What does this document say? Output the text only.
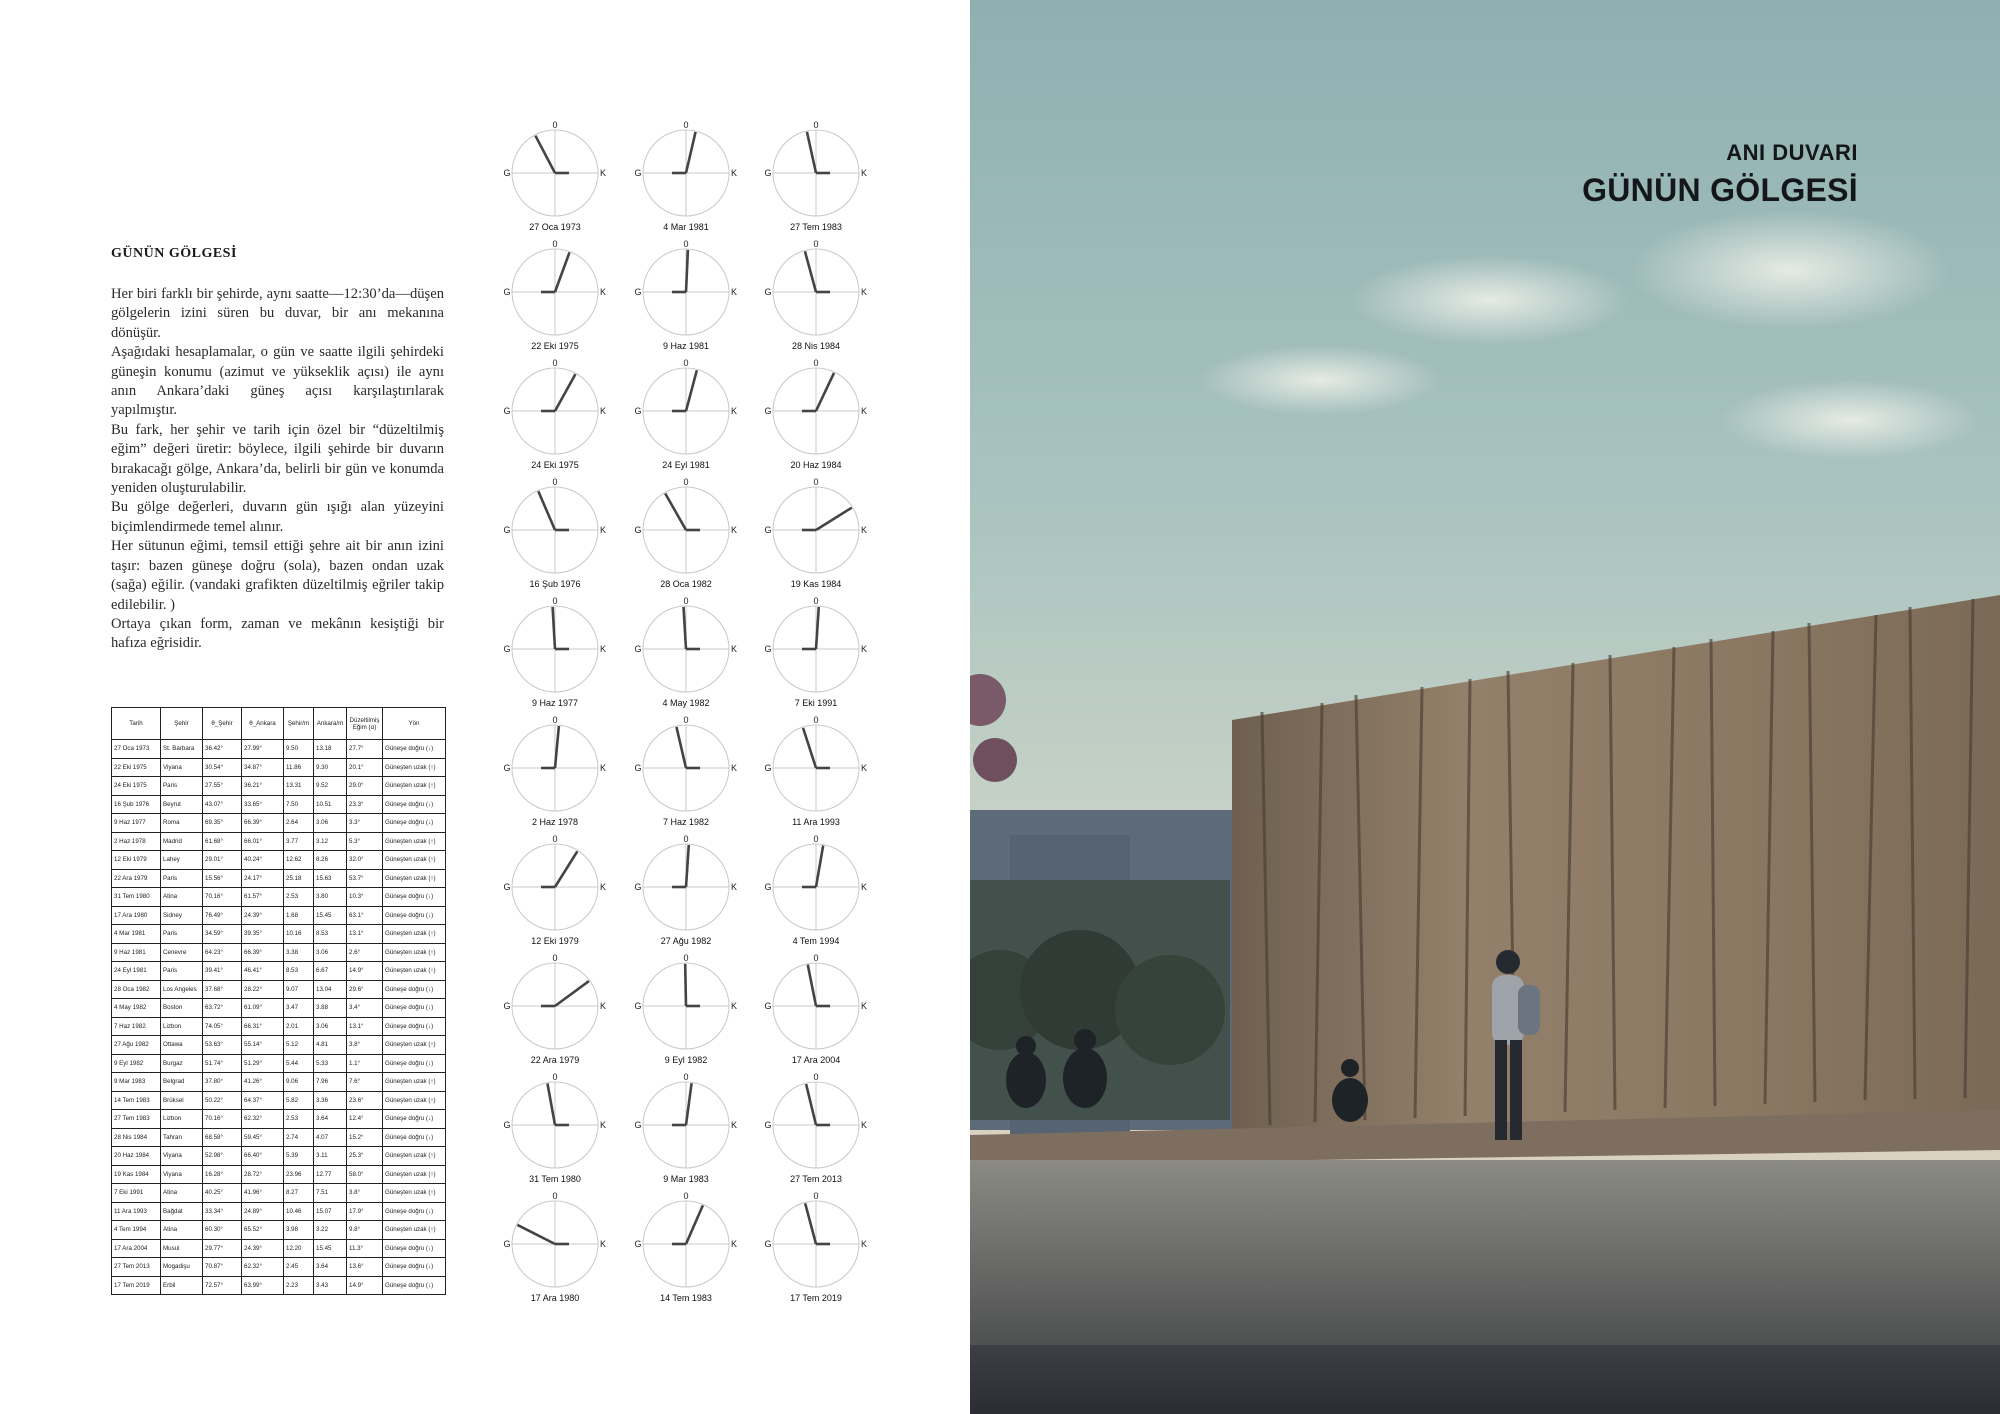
GÜNÜN GÖLGESİ

Her biri farklı bir şehirde, aynı saatte—12:30’da—düşen gölgelerin izini süren bu duvar, bir anı mekanına dönüşür.

Aşağıdaki hesaplamalar, o gün ve saatte ilgili şehirdeki güneşin konumu (azimut ve yükseklik açısı) ile aynı anın Ankara’daki güneş açısı karşılaştırılarak yapılmıştır.

Bu fark, her şehir ve tarih için özel bir “düzeltilmiş eğim” değeri üretir: böylece, ilgili şehirde bir duvarın bırakacağı gölge, Ankara’da, belirli bir gün ve konumda yeniden oluşturulabilir.

Bu gölge değerleri, duvarın gün ışığı alan yüzeyini biçimlendirmede temel alınır.

Her sütunun eğimi, temsil ettiği şehre ait bir anın izini taşır: bazen güneşe doğru (sola), bazen ondan uzak (sağa) eğilir. (vandaki grafikten düzeltilmiş eğriler takip edilebilir. )

Ortaya çıkan form, zaman ve mekânın kesiştiği bir hafıza eğrisidir.

Tarih	Şehir	θ_Şehir	θ_Ankara	Şehir/m	Ankara/m	Düzeltilmiş Eğim (α)	Yön
27 Oca 1973	St. Barbara	36.42°	27.99°	9.50	13.18	27.7°	Güneşe doğru (↓)
22 Eki 1975	Viyana	30.54°	34.87°	11.86	9.30	20.1°	Güneşten uzak (↑)
24 Eki 1975	Paris	27.55°	36.21°	13.31	9.52	29.0°	Güneşten uzak (↑)
16 Şub 1976	Beyrut	43.07°	33.65°	7.50	10.51	23.3°	Güneşe doğru (↓)
9 Haz 1977	Roma	69.35°	66.39°	2.64	3.06	3.3°	Güneşe doğru (↓)
2 Haz 1978	Madrid	61.68°	66.01°	3.77	3.12	5.3°	Güneşten uzak (↑)
12 Eki 1979	Lahey	29.01°	40.24°	12.62	8.26	32.0°	Güneşten uzak (↑)
22 Ara 1979	Paris	15.56°	24.17°	25.18	15.63	53.7°	Güneşten uzak (↑)
31 Tem 1980	Atina	70.16°	61.57°	2.53	3.80	10.3°	Güneşe doğru (↓)
17 Ara 1980	Sidney	76.49°	24.39°	1.68	15.45	63.1°	Güneşe doğru (↓)
4 Mar 1981	Paris	34.59°	39.35°	10.16	8.53	13.1°	Güneşten uzak (↑)
9 Haz 1981	Cenevre	64.23°	66.39°	3.38	3.06	2.6°	Güneşten uzak (↑)
24 Eyl 1981	Paris	39.41°	46.41°	8.53	6.67	14.9°	Güneşten uzak (↑)
28 Oca 1982	Los Angeles	37.68°	28.22°	9.07	13.04	29.6°	Güneşe doğru (↓)
4 May 1982	Boston	63.72°	61.09°	3.47	3.88	3.4°	Güneşe doğru (↓)
7 Haz 1982	Lizbon	74.05°	66.31°	2.01	3.06	13.1°	Güneşe doğru (↓)
27 Ağu 1982	Ottawa	53.63°	55.14°	5.12	4.81	3.8°	Güneşten uzak (↑)
9 Eyl 1982	Burgaz	51.74°	51.29°	5.44	5.33	1.1°	Güneşe doğru (↓)
9 Mar 1983	Belgrad	37.80°	41.26°	9.06	7.96	7.6°	Güneşten uzak (↑)
14 Tem 1983	Brüksel	50.22°	64.37°	5.82	3.36	23.6°	Güneşten uzak (↑)
27 Tem 1983	Lizbon	70.16°	62.32°	2.53	3.64	12.4°	Güneşe doğru (↓)
28 Nis 1984	Tahran	68.58°	59.45°	2.74	4.07	15.2°	Güneşe doğru (↓)
20 Haz 1984	Viyana	52.98°	66.40°	5.39	3.11	25.3°	Güneşten uzak (↑)
19 Kas 1984	Viyana	16.28°	28.72°	23.96	12.77	58.0°	Güneşten uzak (↑)
7 Eki 1991	Atina	40.25°	41.96°	8.27	7.51	3.8°	Güneşten uzak (↑)
11 Ara 1993	Bağdat	33.34°	24.89°	10.46	15.07	17.9°	Güneşe doğru (↓)
4 Tem 1994	Atina	60.30°	65.52°	3.98	3.22	9.8°	Güneşten uzak (↑)
17 Ara 2004	Musul	29.77°	24.39°	12.20	15.45	11.3°	Güneşe doğru (↓)
27 Tem 2013	Mogadişu	70.87°	62.32°	2.45	3.64	13.6°	Güneşe doğru (↓)
17 Tem 2019	Erbil	72.57°	63.99°	2.23	3.43	14.9°	Güneşe doğru (↓)
0
G	K
27 Oca 1973
0
G	K
4 Mar 1981
0
G	K
27 Tem 1983
0
G	K
22 Eki 1975
0
G	K
9 Haz 1981
0
G	K
28 Nis 1984
0
G	K
24 Eki 1975
0
G	K
24 Eyl 1981
0
G	K
20 Haz 1984
0
G	K
16 Şub 1976
0
G	K
28 Oca 1982
0
G	K
19 Kas 1984
0
G	K
9 Haz 1977
0
G	K
4 May 1982
0
G	K
7 Eki 1991
0
G	K
2 Haz 1978
0
G	K
7 Haz 1982
0
G	K
11 Ara 1993
0
G	K
12 Eki 1979
0
G	K
27 Ağu 1982
0
G	K
4 Tem 1994
0
G	K
22 Ara 1979
0
G	K
9 Eyl 1982
0
G	K
17 Ara 2004
0
G	K
31 Tem 1980
0
G	K
9 Mar 1983
0
G	K
27 Tem 2013
0
G	K
17 Ara 1980
0
G	K
14 Tem 1983
0
G	K
17 Tem 2019
ANI DUVARI
GÜNÜN GÖLGESİ
